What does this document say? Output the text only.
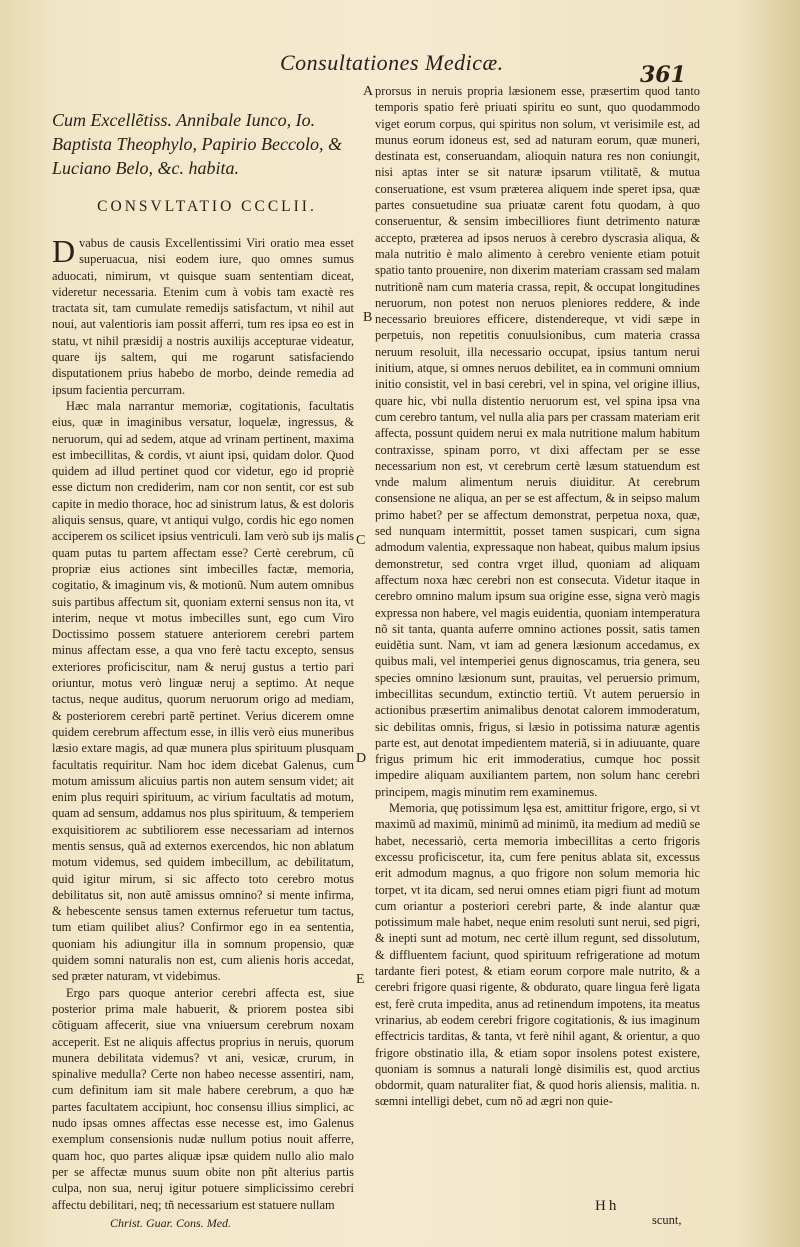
Consultationes Medicæ.	361

Cum Excellẽtiss. Annibale Iunco, Io. Baptista Theophylo, Papirio Beccolo, & Luciano Belo, &c. habita.

CONSVLTATIO CCCLII.

Dvabus de causis Excellentissimi Viri oratio mea esset superuacua, nisi eodem iure, quo omnes sumus aduocati, nimirum, vt quisque suam sententiam diceat, videretur necessaria. Etenim cum à vobis tam exactè res tractata sit, tam cumulate remedijs satisfactum, vt nihil aut noui, aut valentioris iam possit afferri, tum res ipsa eo est in statu, vt nihil præsidij a nostris auxilijs accepturae videatur, quare ijs saltem, qui me rogarunt satisfaciendo disputationem prius habebo de morbo, deinde remedia ad ipsum facientia percurram.

Hæc mala narrantur memoriæ, cogitationis, facultatis eius, quæ in imaginibus versatur, loquelæ, ingressus, & neruorum, qui ad sedem, atque ad vrinam pertinent, maxima est imbecillitas, & cordis, vt aiunt ipsi, quidam dolor. Quod quidem ad illud pertinet quod cor videtur, ego id propriè esse dictum non crediderim, nam cor non sentit, cor est sub capite in medio thorace, hoc ad sinistrum latus, & est doloris aliquis sensus, quare, vt antiqui vulgo, cordis hic ego nomen acciperem os scilicet ipsius ventriculi. Iam verò sub ijs malis quam putas tu partem affectam esse? Certè cerebrum, cũ propriæ eius actiones sint imbecilles factæ, memoria, cogitatio, & imaginum vis, & motionũ. Num autem omnibus suis partibus affectum sit, quoniam externi sensus non ita, vt interim, neque vt motus imbecilles sunt, ego cum Viro Doctissimo possem statuere anteriorem cerebri partem minus affectam esse, a qua vno ferè tactu excepto, sensus exteriores proficiscitur, nam & neruj gustus a tertio pari oriuntur, motus verò linguæ neruj a septimo. At neque tactus, neque auditus, quorum neruorum origo ad mediam, & posteriorem cerebri partẽ pertinet. Verius dicerem omne quidem cerebrum affectum esse, in illis verò eius muneribus læsio extare magis, ad quæ munera plus spirituum plusquam facultatis requiritur. Nam hoc idem dicebat Galenus, cum motum amissum alicuius partis non autem sensum videt; ait enim plus requiri spirituum, ac virium facultatis ad motum, quam ad sensum, addamus nos plus spirituum, & temperiem exquisitiorem ac subtiliorem esse necessariam ad internos mentis sensus, quã ad externos exercendos, hic non ablatum motum videmus, sed quidem imbecillum, ac debilitatum, quid igitur mirum, si sic affecto toto cerebro motus debilitatus sit, non autẽ amissus omnino? si mente infirma, & hebescente sensus tamen externus referuetur tum tactus, tum etiam quilibet alius? Confirmor ego in ea sententia, quoniam his adiungitur illa in somnum propensio, quæ quidem somni naturalis non est, cum alienis horis accedat, sed præter naturam, vt videbimus.

Ergo pars quoque anterior cerebri affecta est, siue posterior prima male habuerit, & priorem postea sibi cõtiguam affecerit, siue vna vniuersum cerebrum noxam acceperit. Est ne aliquis affectus proprius in neruis, quorum munera debilitata videmus? vt ani, vesicæ, crurum, in spinalive medulla? Certe non habeo necesse assentiri, nam, cum definitum iam sit male habere cerebrum, a quo hæ partes facultatem accipiunt, hoc consensu illius simplici, ac nudo ipsas omnes affectas esse necesse est, imo Galenus exemplum consensionis nudæ nullum potius nouit afferre, quam hoc, quo partes aliquæ ipsæ quidem nullo alio malo per se affectæ munus suum obite non pñt alterius partis culpa, non sua, neruj igitur potuere simplicissimo cerebri affectu debilitari, neq; tñ necessarium est statuere nullam

prorsus in neruis propria læsionem esse, præsertim quod tanto temporis spatio ferè priuati spiritu eo sunt, quo quodammodo viget eorum corpus, qui spiritus non solum, vt verisimile est, ad munus eorum idoneus est, sed ad naturam eorum, quæ muneri, destinata est, conseruandam, alioquin natura res non coniungit, nisi aptas inter se sit naturæ ipsarum vtilitatẽ, & mutua conseruatione, est vsum præterea aliquem inde speret ipsa, quæ partes consuetudine sua priuatæ carent fotu quodam, à quo conseruentur, & sensim imbecilliores fiunt detrimento naturæ accepto, præterea ad ipsos neruos à cerebro dyscrasia aliqua, & mala nutritio è malo alimento à cerebro veniente etiam potuit spatio tanto prouenire, non dixerim materiam crassam sed malam nutritionẽ nam cum materia crassa, repit, & occupat longitudines neruorum, non potest non neruos pleniores reddere, & inde necessario breuiores efficere, distendereque, vt vidi sæpe in perpetuis, non repetitis conuulsionibus, cum materia crassa neruum resoluit, illa necessario occupat, ipsius tantum nerui initium, atque, si omnes neruos debilitet, ea in communi omnium initio consistit, vel in basi cerebri, vel in spina, vel origine illius, quare hic, vbi nulla distentio neruorum est, vel spina ipsa vna cum cerebro tantum, vel nulla alia pars per crassam materiam erit affecta, possunt quidem nerui ex mala nutritione malum habitum contraxisse, spinam porro, vt dixi affectam per se esse necessarium non est, vt cerebrum certè læsum statuendum est vnde malum alimentum neruis diuiditur. At cerebrum consensione ne aliqua, an per se est affectum, & in seipso malum primo habet? per se affectum demonstrat, perpetua noxa, quæ, sed nunquam intermittit, posset tamen suspicari, cum signa admodum valentia, expressaque non habeat, quibus malum ipsius demonstretur, sed contra vrget illud, quoniam ad aliquam affectum noxa hæc cerebri non est consecuta. Videtur itaque in cerebro omnino malum ipsum sua origine esse, signa verò magis expressa non habere, vel magis euidentia, quoniam intemperatura nõ sit tanta, quanta auferre omnino actiones possit, satis tamen euidẽtia sunt. Nam, vt iam ad genera læsionum accedamus, ex quibus mali, vel intemperiei genus dignoscamus, tria genera, seu species omnino læsionum sunt, prauitas, vel peruersio primum, imbecillitas secundum, extinctio tertiũ. Vt autem peruersio in actionibus præsertim animalibus denotat calorem immoderatum, sic debilitas omnis, frigus, si læsio in potissima naturæ agentis parte est, aut denotat impedientem materiã, si in adiuuante, quare frigus primum hic erit immoderatius, cumque hoc possit impedire aliquam auxiliantem partem, non solum hanc cerebri principem, magis minutim rem examinemus.

Memoria, quę potissimum lęsa est, amittitur frigore, ergo, si vt maximũ ad maximũ, minimũ ad minimũ, ita medium ad mediũ se habet, necessariò, certa memoria imbecillitas a certo frigoris excessu proficiscetur, ita, cum fere penitus ablata sit, excessus erit admodum magnus, a quo frigore non solum memoria hic torpet, vt ita dicam, sed nerui omnes etiam pigri fiunt ad motum cum oriantur a posteriori cerebri parte, & inde alantur quæ potissimum male habet, neque enim resoluti sunt nerui, sed pigri, & inepti sunt ad motum, nec certè illum regunt, sed dissolutum, & diffluentem faciunt, quod spirituum refrigeratione ad motum tardante fieri potest, & etiam eorum corpore male nutrito, & a cerebri frigore quasi rigente, & obdurato, quare lingua ferè ligata est, ferè cruta impedita, anus ad retinendum impotens, ita meatus vrinarius, ab eodem cerebri frigore cogitationis, & ius imaginum effectricis tarditas, & tanta, vt ferè nihil agant, & orientur, a quo frigore obstinatio illa, & etiam sopor insolens potest existere, quoniam is somnus a naturali longè disimilis est, quod arctius obdormit, quam naturaliter fiat, & quod horis aliensis, malitia. n. sœmni intelligi debet, cum nõ ad ægri non quie-

A
B
C
D
E
Christ. Guar. Cons. Med.
Hh
scunt,
